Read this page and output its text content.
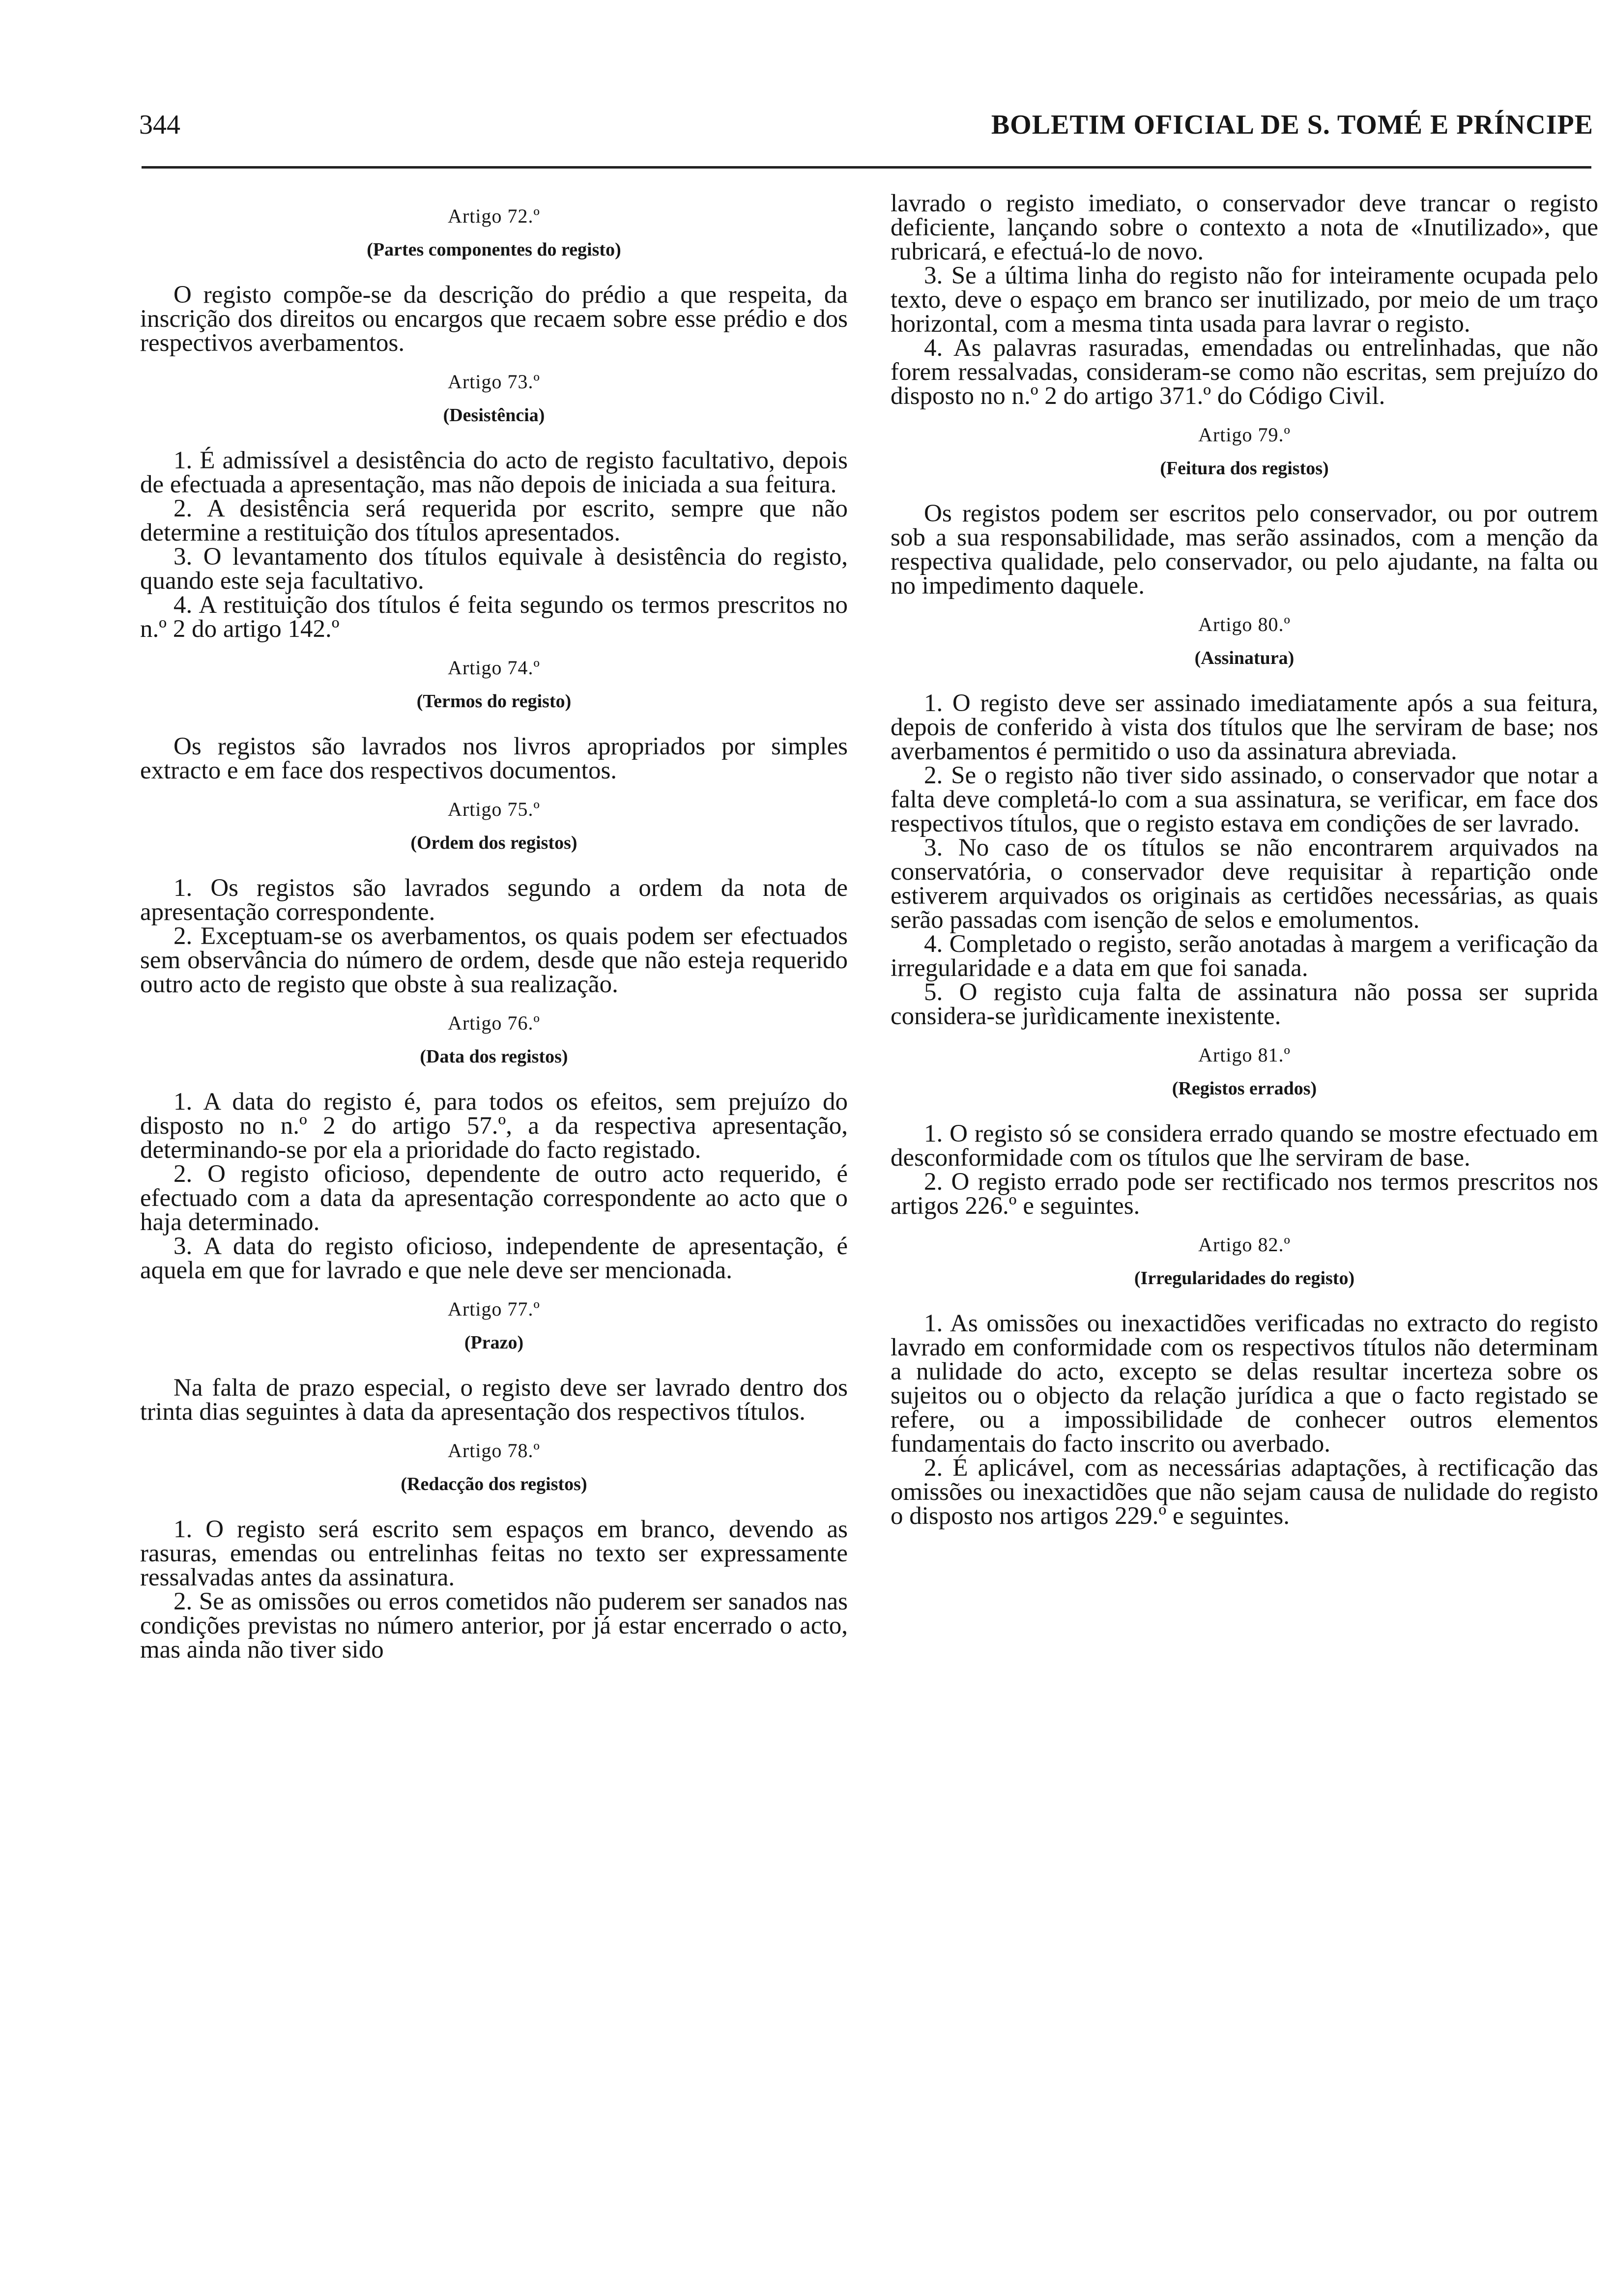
344	BOLETIM OFICIAL DE S. TOMÉ E PRÍNCIPE
Artigo 72.º
(Partes componentes do registo)

O registo compõe-se da descrição do prédio a que respeita, da inscrição dos direitos ou encargos que recaem sobre esse prédio e dos respectivos averbamentos.

Artigo 73.º
(Desistência)

1. É admissível a desistência do acto de registo facultativo, depois de efectuada a apresentação, mas não depois de iniciada a sua feitura.

2. A desistência será requerida por escrito, sempre que não determine a restituição dos títulos apresentados.

3. O levantamento dos títulos equivale à desistência do registo, quando este seja facultativo.

4. A restituição dos títulos é feita segundo os termos prescritos no n.º 2 do artigo 142.º

Artigo 74.º
(Termos do registo)

Os registos são lavrados nos livros apropriados por simples extracto e em face dos respectivos documentos.

Artigo 75.º
(Ordem dos registos)

1. Os registos são lavrados segundo a ordem da nota de apresentação correspondente.

2. Exceptuam-se os averbamentos, os quais podem ser efectuados sem observância do número de ordem, desde que não esteja requerido outro acto de registo que obste à sua realização.

Artigo 76.º
(Data dos registos)

1. A data do registo é, para todos os efeitos, sem prejuízo do disposto no n.º 2 do artigo 57.º, a da respectiva apresentação, determinando-se por ela a prioridade do facto registado.

2. O registo oficioso, dependente de outro acto requerido, é efectuado com a data da apresentação correspondente ao acto que o haja determinado.

3. A data do registo oficioso, independente de apresentação, é aquela em que for lavrado e que nele deve ser mencionada.

Artigo 77.º
(Prazo)

Na falta de prazo especial, o registo deve ser lavrado dentro dos trinta dias seguintes à data da apresentação dos respectivos títulos.

Artigo 78.º
(Redacção dos registos)

1. O registo será escrito sem espaços em branco, devendo as rasuras, emendas ou entrelinhas feitas no texto ser expressamente ressalvadas antes da assinatura.

2. Se as omissões ou erros cometidos não puderem ser sanados nas condições previstas no número anterior, por já estar encerrado o acto, mas ainda não tiver sido

lavrado o registo imediato, o conservador deve trancar o registo deficiente, lançando sobre o contexto a nota de «Inutilizado», que rubricará, e efectuá-lo de novo.

3. Se a última linha do registo não for inteiramente ocupada pelo texto, deve o espaço em branco ser inutilizado, por meio de um traço horizontal, com a mesma tinta usada para lavrar o registo.

4. As palavras rasuradas, emendadas ou entrelinhadas, que não forem ressalvadas, consideram-se como não escritas, sem prejuízo do disposto no n.º 2 do artigo 371.º do Código Civil.

Artigo 79.º
(Feitura dos registos)

Os registos podem ser escritos pelo conservador, ou por outrem sob a sua responsabilidade, mas serão assinados, com a menção da respectiva qualidade, pelo conservador, ou pelo ajudante, na falta ou no impedimento daquele.

Artigo 80.º
(Assinatura)

1. O registo deve ser assinado imediatamente após a sua feitura, depois de conferido à vista dos títulos que lhe serviram de base; nos averbamentos é permitido o uso da assinatura abreviada.

2. Se o registo não tiver sido assinado, o conservador que notar a falta deve completá-lo com a sua assinatura, se verificar, em face dos respectivos títulos, que o registo estava em condições de ser lavrado.

3. No caso de os títulos se não encontrarem arquivados na conservatória, o conservador deve requisitar à repartição onde estiverem arquivados os originais as certidões necessárias, as quais serão passadas com isenção de selos e emolumentos.

4. Completado o registo, serão anotadas à margem a verificação da irregularidade e a data em que foi sanada.

5. O registo cuja falta de assinatura não possa ser suprida considera-se jurìdicamente inexistente.

Artigo 81.º
(Registos errados)

1. O registo só se considera errado quando se mostre efectuado em desconformidade com os títulos que lhe serviram de base.

2. O registo errado pode ser rectificado nos termos prescritos nos artigos 226.º e seguintes.

Artigo 82.º
(Irregularidades do registo)

1. As omissões ou inexactidões verificadas no extracto do registo lavrado em conformidade com os respectivos títulos não determinam a nulidade do acto, excepto se delas resultar incerteza sobre os sujeitos ou o objecto da relação jurídica a que o facto registado se refere, ou a impossibilidade de conhecer outros elementos fundamentais do facto inscrito ou averbado.

2. É aplicável, com as necessárias adaptações, à rectificação das omissões ou inexactidões que não sejam causa de nulidade do registo o disposto nos artigos 229.º e seguintes.
